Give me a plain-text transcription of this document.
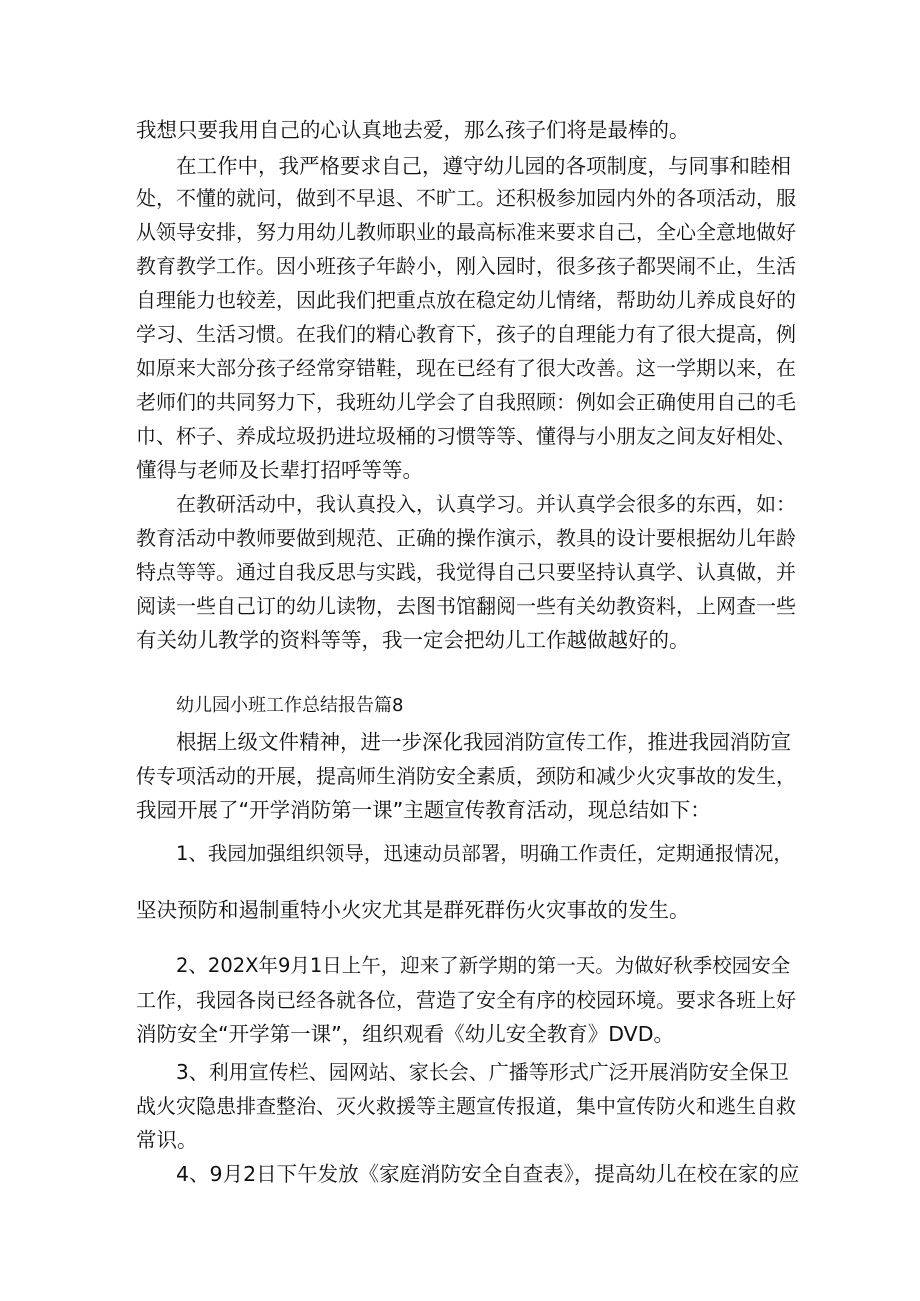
我想只要我用自己的心认真地去爱，那么孩子们将是最棒的。

在工作中，我严格要求自己，遵守幼儿园的各项制度，与同事和睦相

处，不懂的就问，做到不早退、不旷工。还积极参加园内外的各项活动，服

从领导安排，努力用幼儿教师职业的最高标准来要求自己，全心全意地做好

教育教学工作。因小班孩子年龄小，刚入园时，很多孩子都哭闹不止，生活

自理能力也较差，因此我们把重点放在稳定幼儿情绪，帮助幼儿养成良好的

学习、生活习惯。在我们的精心教育下，孩子的自理能力有了很大提高，例

如原来大部分孩子经常穿错鞋，现在已经有了很大改善。这一学期以来，在

老师们的共同努力下，我班幼儿学会了自我照顾：例如会正确使用自己的毛

巾、杯子、养成垃圾扔进垃圾桶的习惯等等、懂得与小朋友之间友好相处、

懂得与老师及长辈打招呼等等。

在教研活动中，我认真投入，认真学习。并认真学会很多的东西，如：

教育活动中教师要做到规范、正确的操作演示，教具的设计要根据幼儿年龄

特点等等。通过自我反思与实践，我觉得自己只要坚持认真学、认真做，并

阅读一些自己订的幼儿读物，去图书馆翻阅一些有关幼教资料，上网查一些

有关幼儿教学的资料等等，我一定会把幼儿工作越做越好的。

幼儿园小班工作总结报告篇8

根据上级文件精神，进一步深化我园消防宣传工作，推进我园消防宣

传专项活动的开展，提高师生消防安全素质，颈防和减少火灾事故的发生，

我园开展了“开学消防第一课”主题宣传教育活动，现总结如下：

1、我园加强组织领导，迅速动员部署，明确工作责任，定期通报情况，

坚决预防和遏制重特小火灾尤其是群死群伤火灾事故的发生。

2、202X年9月1日上午，迎来了新学期的第一天。为做好秋季校园安全

工作，我园各岗已经各就各位，营造了安全有序的校园环境。要求各班上好

消防安全“开学第一课”，组织观看《幼儿安全教育》DVD。

3、利用宣传栏、园网站、家长会、广播等形式广泛开展消防安全保卫

战火灾隐患排查整治、灭火救援等主题宣传报道，集中宣传防火和逃生自救

常识。

4、9月2日下午发放《家庭消防安全自查表》，提高幼儿在校在家的应
